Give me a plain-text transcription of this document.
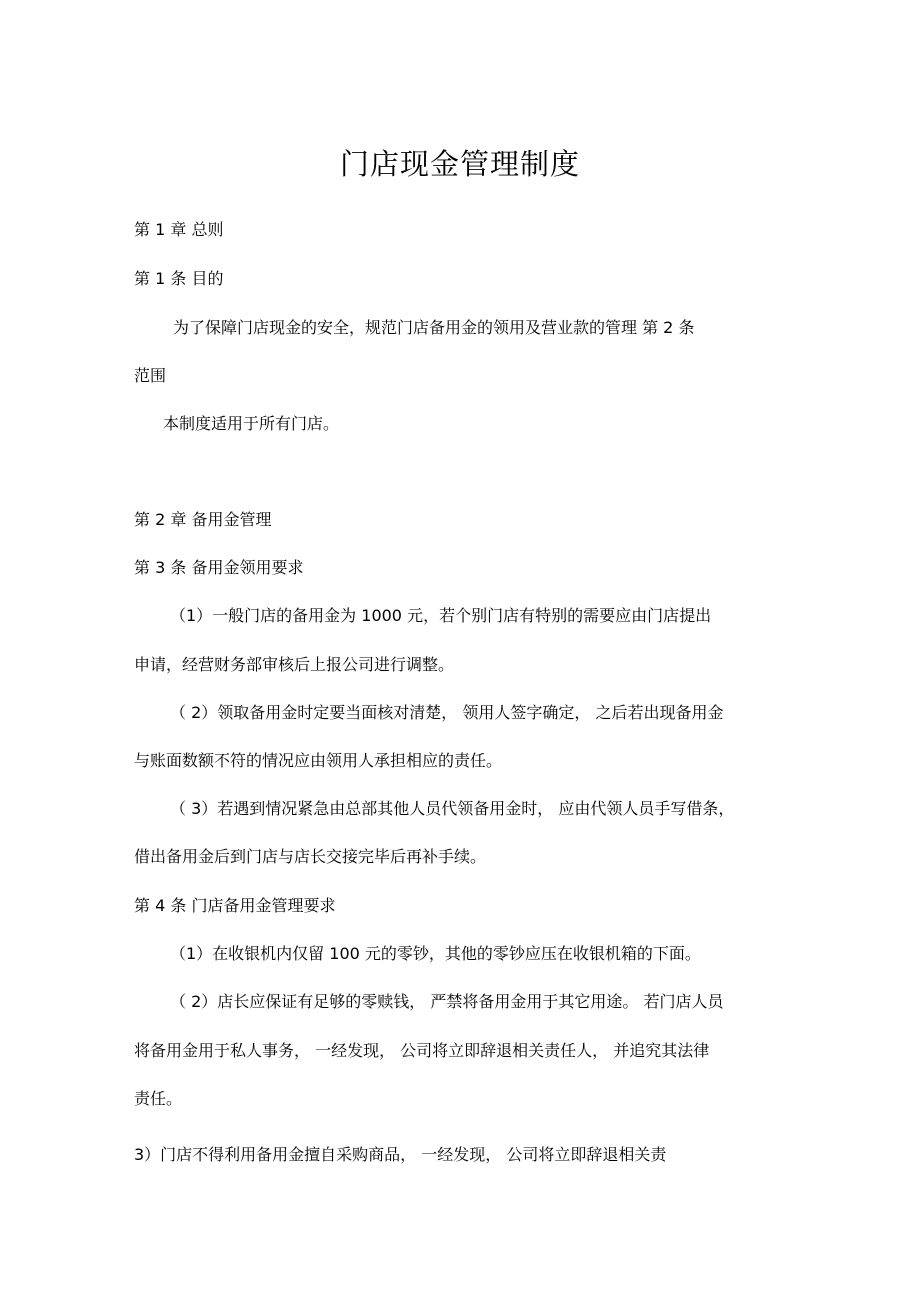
门店现金管理制度
第 1 章 总则
第 1 条 目的
为了保障门店现金的安全，规范门店备用金的领用及营业款的管理 第 2 条
范围
本制度适用于所有门店。
第 2 章 备用金管理
第 3 条 备用金领用要求
（1）一般门店的备用金为 1000 元，若个别门店有特别的需要应由门店提出
申请，经营财务部审核后上报公司进行调整。
（ 2）领取备用金时定要当面核对清楚， 领用人签字确定， 之后若出现备用金
与账面数额不符的情况应由领用人承担相应的责任。
（ 3）若遇到情况紧急由总部其他人员代领备用金时， 应由代领人员手写借条，
借出备用金后到门店与店长交接完毕后再补手续。
第 4 条 门店备用金管理要求
（1）在收银机内仅留 100 元的零钞，其他的零钞应压在收银机箱的下面。
（ 2）店长应保证有足够的零赎钱， 严禁将备用金用于其它用途。 若门店人员
将备用金用于私人事务， 一经发现， 公司将立即辞退相关责任人， 并追究其法律
责任。
3）门店不得利用备用金擅自采购商品， 一经发现， 公司将立即辞退相关责
